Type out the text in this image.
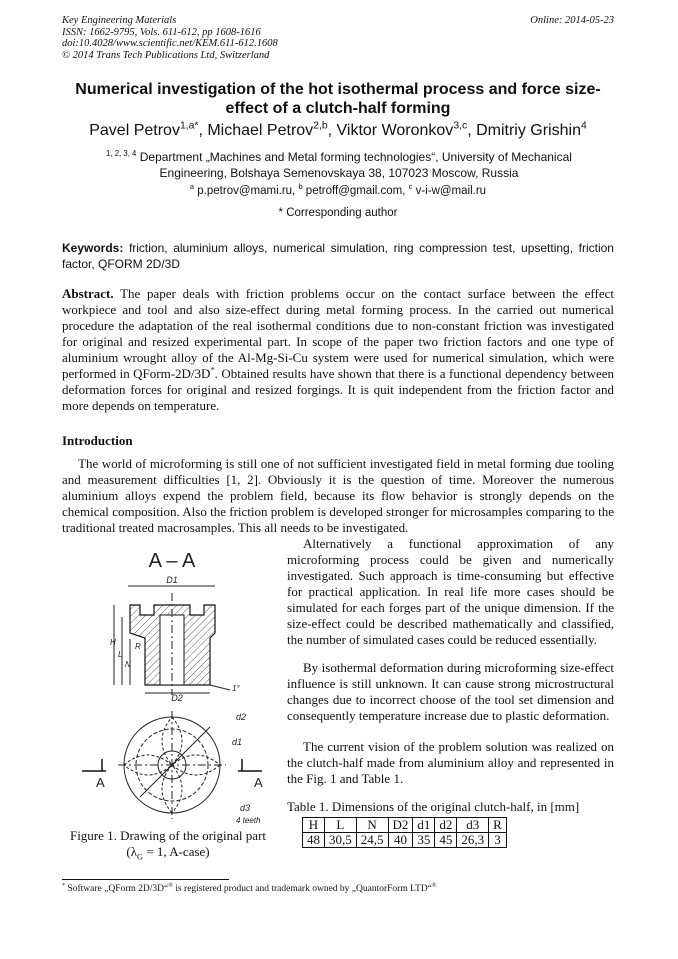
Key Engineering Materials
ISSN: 1662-9795, Vols. 611-612, pp 1608-1616
doi:10.4028/www.scientific.net/KEM.611-612.1608
© 2014 Trans Tech Publications Ltd, Switzerland
Online: 2014-05-23
Numerical investigation of the hot isothermal process and force size-effect of a clutch-half forming
Pavel Petrov$^{1,a*}$, Michael Petrov$^{2,b}$, Viktor Woronkov$^{3,c}$, Dmitriy Grishin$^4$
$^{1, 2, 3, 4}$ Department „Machines and Metal forming technologies“, University of Mechanical Engineering, Bolshaya Semenovskaya 38, 107023 Moscow, Russia
$^a$ p.petrov@mami.ru, $^b$ petroff@gmail.com, $^c$ v-i-w@mail.ru
* Corresponding author
Keywords: friction, aluminium alloys, numerical simulation, ring compression test, upsetting, friction factor, QFORM 2D/3D
Abstract. The paper deals with friction problems occur on the contact surface between the effect workpiece and tool and also size-effect during metal forming process. In the carried out numerical procedure the adaptation of the real isothermal conditions due to non-constant friction was investigated for original and resized experimental part. In scope of the paper two friction factors and one type of aluminium wrought alloy of the Al-Mg-Si-Cu system were used for numerical simulation, which were performed in QForm-2D/3D*. Obtained results have shown that there is a functional dependency between deformation forces for original and resized forgings. It is quit independent from the friction factor and more depends on temperature.
Introduction
The world of microforming is still one of not sufficient investigated field in metal forming due tooling and measurement difficulties [1, 2]. Obviously it is the question of time. Moreover the numerous aluminium alloys expend the problem field, because its flow behavior is strongly depends on the chemical composition. Also the friction problem is developed stronger for microsamples comparing to the traditional treated macrosamples. This all needs to be investigated.
Alternatively a functional approximation of any microforming process could be given and numerically investigated. Such approach is time-consuming but effective for practical application. In real life more cases should be simulated for each forges part of the unique dimension. If the size-effect could be described mathematically and classified, the number of simulated cases could be reduced essentially.
By isothermal deformation during microforming size-effect influence is still unknown. It can cause strong microstructural changes due to incorrect choose of the tool set dimension and consequently temperature increase due to plastic deformation.
The current vision of the problem solution was realized on the clutch-half made from aluminium alloy and represented in the Fig. 1 and Table 1.
A – A
D1
H
L
N
R
D2
1°
d2
d1
d3
4 teeth
A	A
Figure 1. Drawing of the original part
($\lambda_G = 1$, A-case)
Table 1. Dimensions of the original clutch-half, in [mm]
H	L	N	D2	d1	d2	d3	R
48	30,5	24,5	40	35	45	26,3	3
* Software „QForm 2D/3D“® is registered product and trademark owned by „QuantorForm LTD“®
